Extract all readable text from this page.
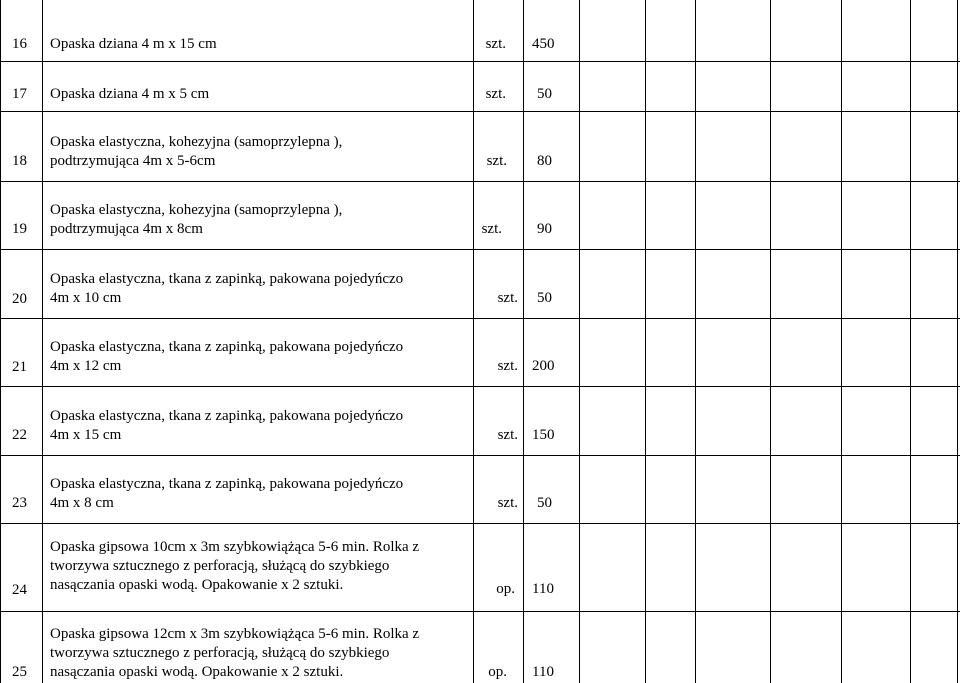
16 Opaska dziana 4 m x 15 cm	szt. 450
17 Opaska dziana 4 m x 5 cm	szt. 50
18
Opaska elastyczna, kohezyjna (samoprzylepna ),
podtrzymująca 4m x 5-6cm	szt. 80
19
Opaska elastyczna, kohezyjna (samoprzylepna ),
podtrzymująca 4m x 8cm	szt. 90
20
Opaska elastyczna, tkana z zapinką, pakowana pojedyńczo
4m x 10 cm	szt. 50
21
Opaska elastyczna, tkana z zapinką, pakowana pojedyńczo
4m x 12 cm	szt. 200
22
Opaska elastyczna, tkana z zapinką, pakowana pojedyńczo
4m x 15 cm	szt. 150
23
Opaska elastyczna, tkana z zapinką, pakowana pojedyńczo
4m x 8 cm	szt. 50
24
Opaska gipsowa 10cm x 3m szybkowiążąca 5-6 min. Rolka z
tworzywa sztucznego z perforacją, służącą do szybkiego
nasączania opaski wodą. Opakowanie x 2 sztuki.	op. 110
25
Opaska gipsowa 12cm x 3m szybkowiążąca 5-6 min. Rolka z
tworzywa sztucznego z perforacją, służącą do szybkiego
nasączania opaski wodą. Opakowanie x 2 sztuki.	op. 110
